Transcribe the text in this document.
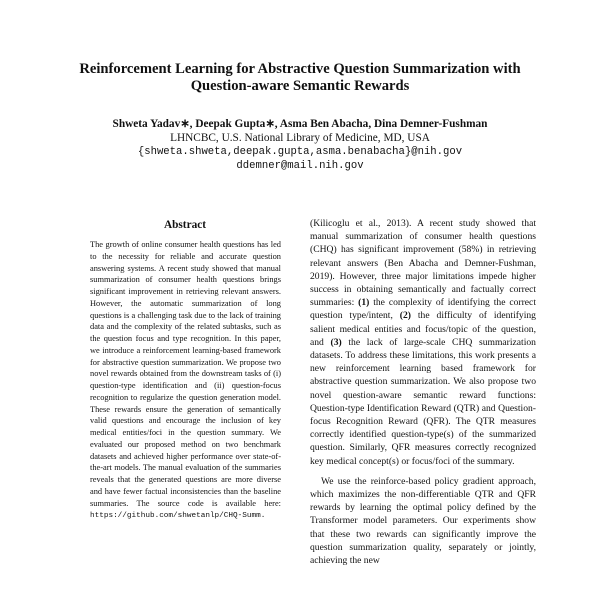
Reinforcement Learning for Abstractive Question Summarization with
Question-aware Semantic Rewards
Shweta Yadav∗, Deepak Gupta∗, Asma Ben Abacha, Dina Demner-Fushman
LHNCBC, U.S. National Library of Medicine, MD, USA
{shweta.shweta,deepak.gupta,asma.benabacha}@nih.gov
ddemner@mail.nih.gov
Abstract
The growth of online consumer health questions has led to the necessity for reliable and accurate question answering systems. A recent study showed that manual summarization of consumer health questions brings significant improvement in retrieving relevant answers. However, the automatic summarization of long questions is a challenging task due to the lack of training data and the complexity of the related subtasks, such as the question focus and type recognition. In this paper, we introduce a reinforcement learning-based framework for abstractive question summarization. We propose two novel rewards obtained from the downstream tasks of (i) question-type identification and (ii) question-focus recognition to regularize the question generation model. These rewards ensure the generation of semantically valid questions and encourage the inclusion of key medical entities/foci in the question summary. We evaluated our proposed method on two benchmark datasets and achieved higher performance over state-of-the-art models. The manual evaluation of the summaries reveals that the generated questions are more diverse and have fewer factual inconsistencies than the baseline summaries. The source code is available here: https://github.com/shwetanlp/CHQ-Summ.

(Kilicoglu et al., 2013). A recent study showed that manual summarization of consumer health questions (CHQ) has significant improvement (58%) in retrieving relevant answers (Ben Abacha and Demner-Fushman, 2019). However, three major limitations impede higher success in obtaining semantically and factually correct summaries: (1) the complexity of identifying the correct question type/intent, (2) the difficulty of identifying salient medical entities and focus/topic of the question, and (3) the lack of large-scale CHQ summarization datasets. To address these limitations, this work presents a new reinforcement learning based framework for abstractive question summarization. We also propose two novel question-aware semantic reward functions: Question-type Identification Reward (QTR) and Question-focus Recognition Reward (QFR). The QTR measures correctly identified question-type(s) of the summarized question. Similarly, QFR measures correctly recognized key medical concept(s) or focus/foci of the summary.

We use the reinforce-based policy gradient approach, which maximizes the non-differentiable QTR and QFR rewards by learning the optimal policy defined by the Transformer model parameters. Our experiments show that these two rewards can significantly improve the question summarization quality, separately or jointly, achieving the new
